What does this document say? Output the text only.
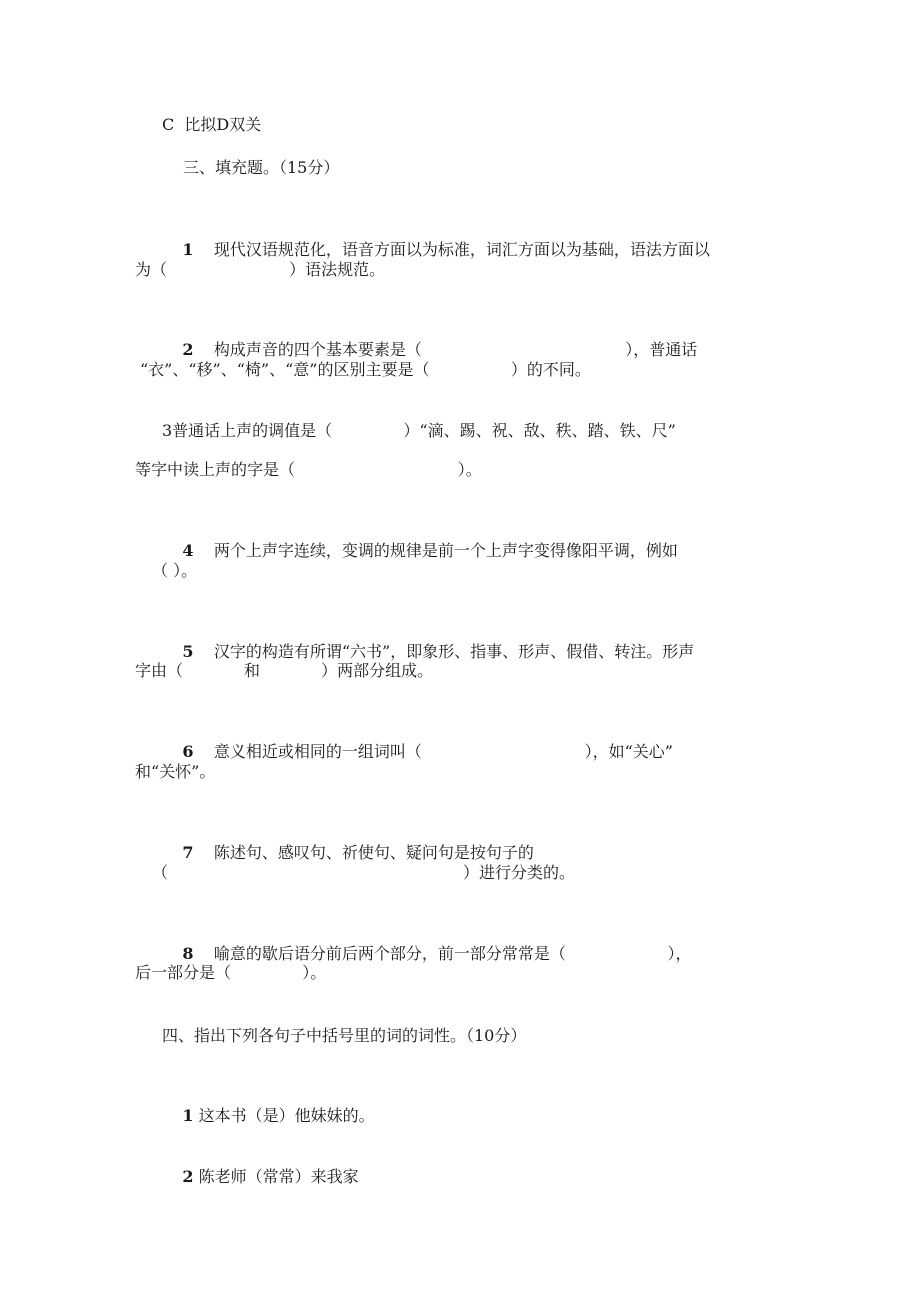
C  比拟D双关
三、填充题。（15分）

1 现代汉语规范化，语音方面以为标准，词汇方面以为基础，语法方面以

为（                        ）语法规范。

2 构成声音的四个基本要素是（                                        ），普通话

“衣”、“移”、“椅”、“意”的区别主要是（                ）的不同。
3普通话上声的调值是（              ）“滴、踢、祝、敌、秩、踏、铁、尺”
等字中读上声的字是（                                ）。

4 两个上声字连续，变调的规律是前一个上声字变得像阳平调，例如

（ ）。

5 汉字的构造有所谓“六书”，即象形、指事、形声、假借、转注。形声

字由（            和            ）两部分组成。

6 意义相近或相同的一组词叫（                                ），如“关心”

和“关怀”。

7 陈述句、感叹句、祈使句、疑问句是按句子的

（                                                          ）进行分类的。

8 喻意的歇后语分前后两个部分，前一部分常常是（                    ），

后一部分是（              ）。
四、指出下列各句子中括号里的词的词性。（10分）

1 这本书（是）他妹妹的。

2 陈老师（常常）来我家
